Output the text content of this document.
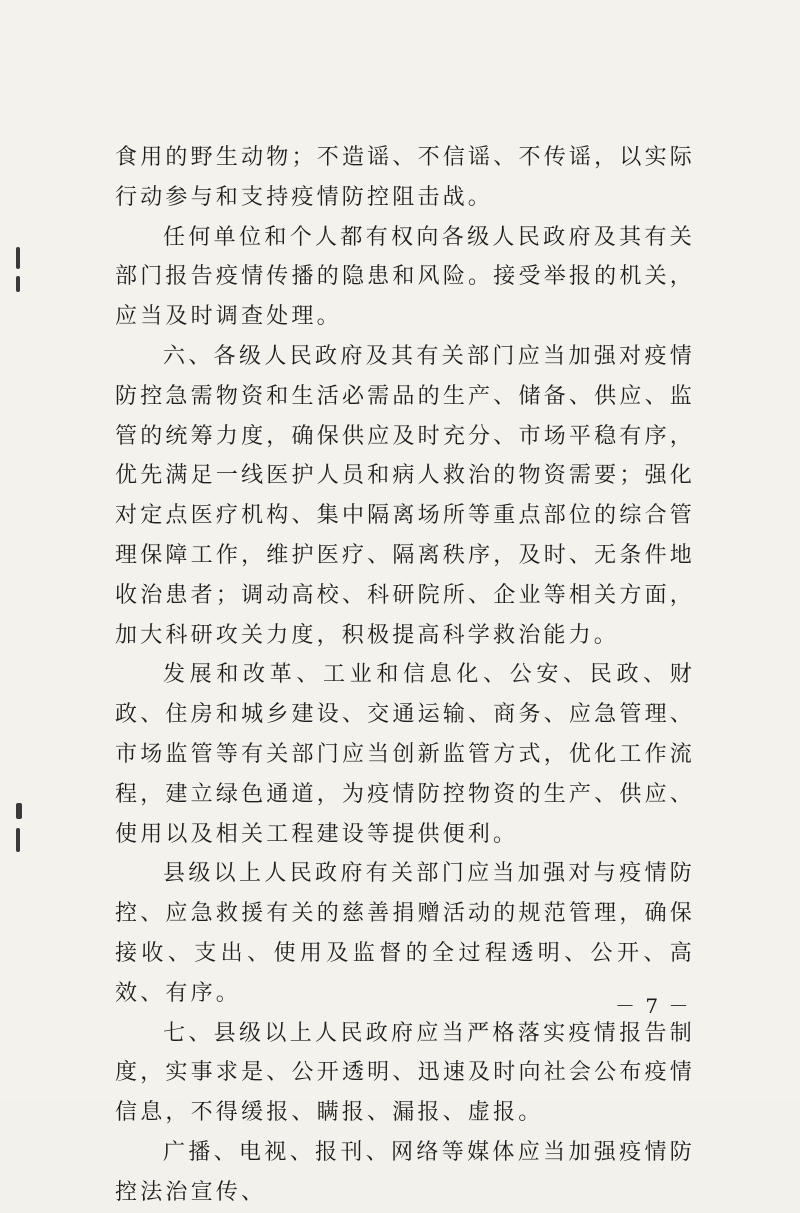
食用的野生动物；不造谣、不信谣、不传谣，以实际行动参与和支持疫情防控阻击战。

任何单位和个人都有权向各级人民政府及其有关部门报告疫情传播的隐患和风险。接受举报的机关，应当及时调查处理。

六、各级人民政府及其有关部门应当加强对疫情防控急需物资和生活必需品的生产、储备、供应、监管的统筹力度，确保供应及时充分、市场平稳有序，优先满足一线医护人员和病人救治的物资需要；强化对定点医疗机构、集中隔离场所等重点部位的综合管理保障工作，维护医疗、隔离秩序，及时、无条件地收治患者；调动高校、科研院所、企业等相关方面，加大科研攻关力度，积极提高科学救治能力。

发展和改革、工业和信息化、公安、民政、财政、住房和城乡建设、交通运输、商务、应急管理、市场监管等有关部门应当创新监管方式，优化工作流程，建立绿色通道，为疫情防控物资的生产、供应、使用以及相关工程建设等提供便利。

县级以上人民政府有关部门应当加强对与疫情防控、应急救援有关的慈善捐赠活动的规范管理，确保接收、支出、使用及监督的全过程透明、公开、高效、有序。

七、县级以上人民政府应当严格落实疫情报告制度，实事求是、公开透明、迅速及时向社会公布疫情信息，不得缓报、瞒报、漏报、虚报。

广播、电视、报刊、网络等媒体应当加强疫情防控法治宣传、

－ 7 －
